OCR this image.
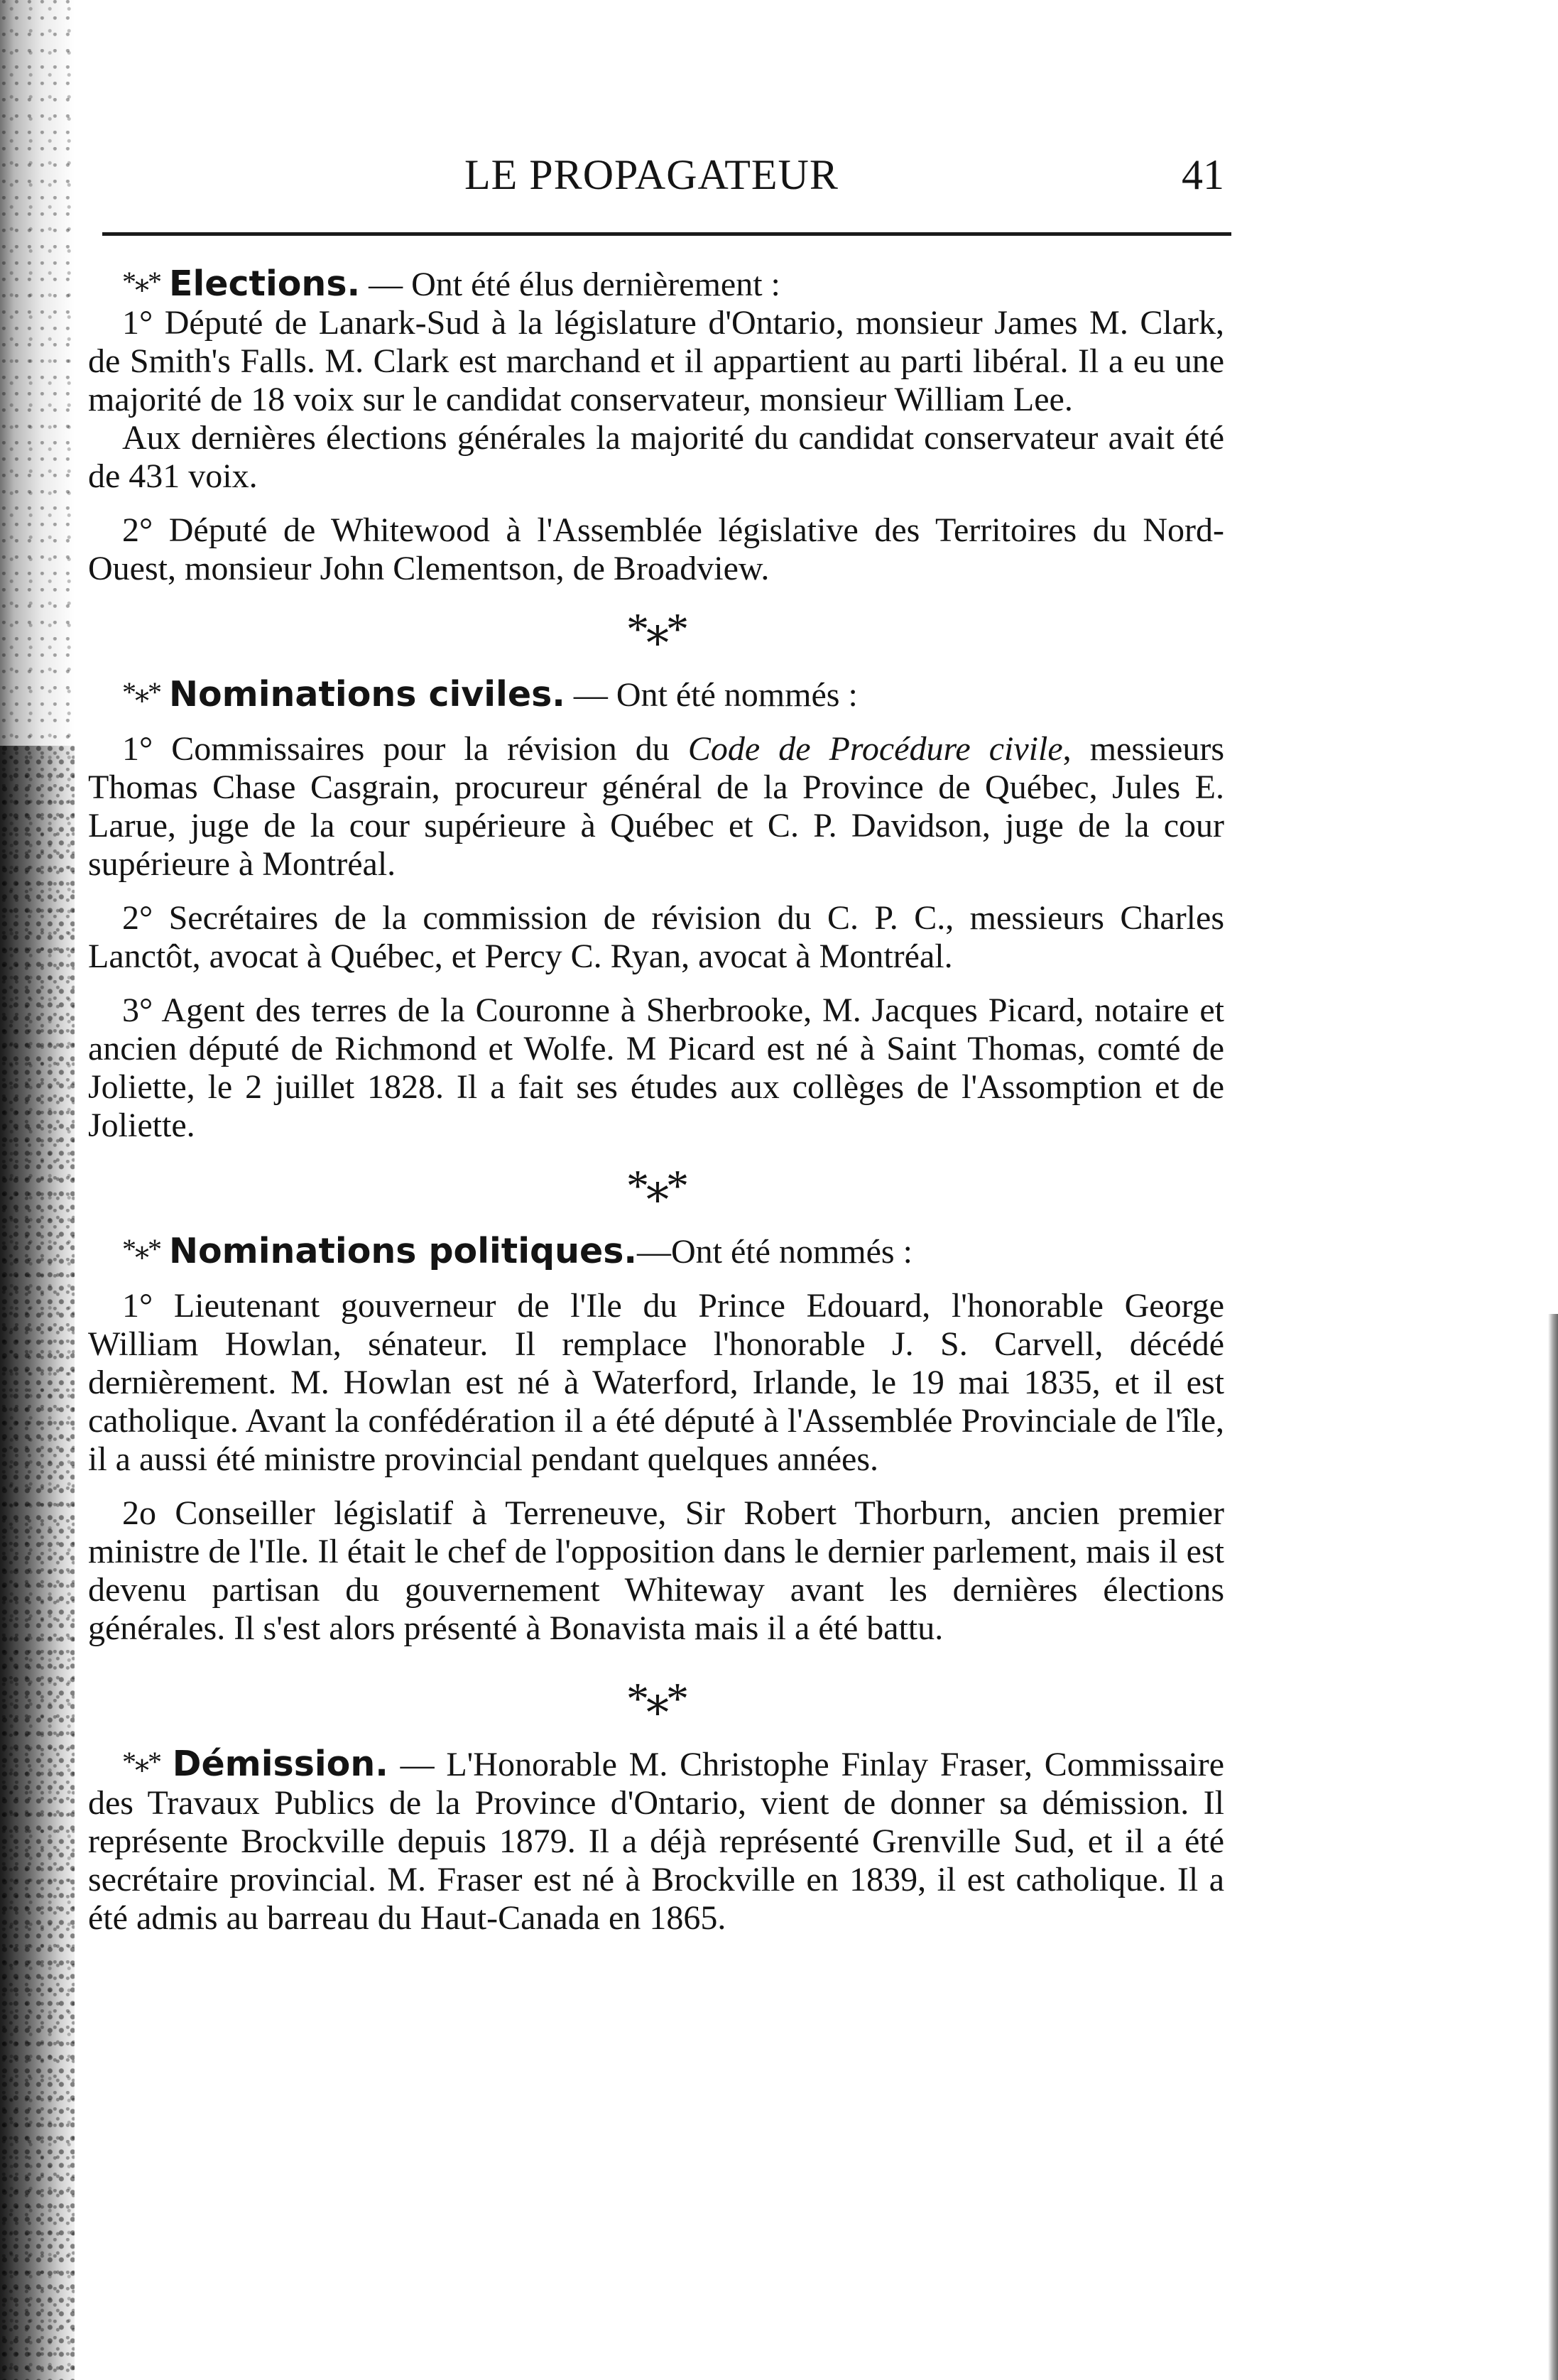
LE PROPAGATEUR	41

*⁎* Elections. — Ont été élus dernièrement :

1° Député de Lanark-Sud à la législature d'Ontario, monsieur James M. Clark, de Smith's Falls. M. Clark est marchand et il appartient au parti libéral. Il a eu une majorité de 18 voix sur le candidat conservateur, monsieur William Lee.

Aux dernières élections générales la majorité du candidat conservateur avait été de 431 voix.

2° Député de Whitewood à l'Assemblée législative des Territoires du Nord-Ouest, monsieur John Clementson, de Broadview.

*⁎*

*⁎* Nominations civiles. — Ont été nommés :

1° Commissaires pour la révision du Code de Procédure civile, messieurs Thomas Chase Casgrain, procureur général de la Province de Québec, Jules E. Larue, juge de la cour supérieure à Québec et C. P. Davidson, juge de la cour supérieure à Montréal.

2° Secrétaires de la commission de révision du C. P. C., messieurs Charles Lanctôt, avocat à Québec, et Percy C. Ryan, avocat à Montréal.

3° Agent des terres de la Couronne à Sherbrooke, M. Jacques Picard, notaire et ancien député de Richmond et Wolfe. M Picard est né à Saint Thomas, comté de Joliette, le 2 juillet 1828. Il a fait ses études aux collèges de l'Assomption et de Joliette.

*⁎*

*⁎* Nominations politiques.—Ont été nommés :

1° Lieutenant gouverneur de l'Ile du Prince Edouard, l'honorable George William Howlan, sénateur. Il remplace l'honorable J. S. Carvell, décédé dernièrement. M. Howlan est né à Waterford, Irlande, le 19 mai 1835, et il est catholique. Avant la confédération il a été député à l'Assemblée Provinciale de l'île, il a aussi été ministre provincial pendant quelques années.

2o Conseiller législatif à Terreneuve, Sir Robert Thorburn, ancien premier ministre de l'Ile. Il était le chef de l'opposition dans le dernier parlement, mais il est devenu partisan du gouvernement Whiteway avant les dernières élections générales. Il s'est alors présenté à Bonavista mais il a été battu.

*⁎*

*⁎* Démission. — L'Honorable M. Christophe Finlay Fraser, Commissaire des Travaux Publics de la Province d'Ontario, vient de donner sa démission. Il représente Brockville depuis 1879. Il a déjà représenté Grenville Sud, et il a été secrétaire provincial. M. Fraser est né à Brockville en 1839, il est catholique. Il a été admis au barreau du Haut-Canada en 1865.
